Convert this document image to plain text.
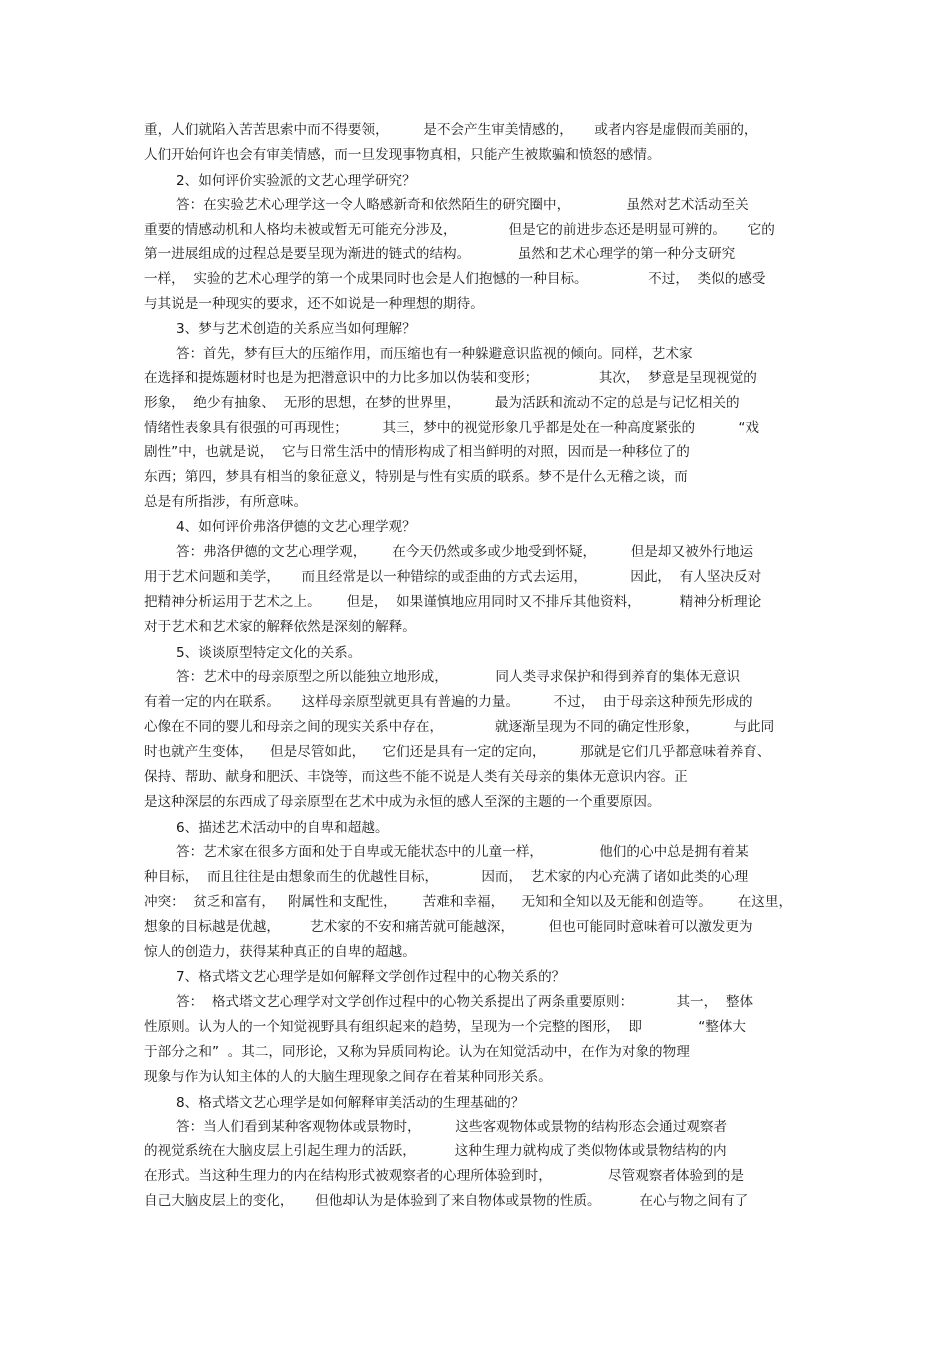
重，人们就陷入苦苦思索中而不得要领，        是不会产生审美情感的，     或者内容是虚假而美丽的，
人们开始何许也会有审美情感，而一旦发现事物真相，只能产生被欺骗和愤怒的感情。
2、如何评价实验派的文艺心理学研究？
答：在实验艺术心理学这一令人略感新奇和依然陌生的研究圈中，             虽然对艺术活动至关
重要的情感动机和人格均未被或暂无可能充分涉及，            但是它的前进步态还是明显可辨的。     它的
第一进展组成的过程总是要呈现为渐进的链式的结构。           虽然和艺术心理学的第一种分支研究
一样，  实验的艺术心理学的第一个成果同时也会是人们抱憾的一种目标。              不过，  类似的感受
与其说是一种现实的要求，还不如说是一种理想的期待。
3、梦与艺术创造的关系应当如何理解？
答：首先，梦有巨大的压缩作用，而压缩也有一种躲避意识监视的倾向。同样，艺术家
在选择和提炼题材时也是为把潜意识中的力比多加以伪装和变形；              其次，  梦意是呈现视觉的
形象，  绝少有抽象、  无形的思想，在梦的世界里，        最为活跃和流动不定的总是与记忆相关的
情绪性表象具有很强的可再现性；        其三，梦中的视觉形象几乎都是处在一种高度紧张的          “戏
剧性”中，也就是说，  它与日常生活中的情形构成了相当鲜明的对照，因而是一种移位了的
东西；第四，梦具有相当的象征意义，特别是与性有实质的联系。梦不是什么无稽之谈，而
总是有所指涉，有所意味。
4、如何评价弗洛伊德的文艺心理学观？
答：弗洛伊德的文艺心理学观，      在今天仍然或多或少地受到怀疑，        但是却又被外行地运
用于艺术问题和美学，     而且经常是以一种错综的或歪曲的方式去运用，          因此，  有人坚决反对
把精神分析运用于艺术之上。      但是，  如果谨慎地应用同时又不排斥其他资料，         精神分析理论
对于艺术和艺术家的解释依然是深刻的解释。
5、谈谈原型特定文化的关系。
答：艺术中的母亲原型之所以能独立地形成，           同人类寻求保护和得到养育的集体无意识
有着一定的内在联系。     这样母亲原型就更具有普遍的力量。        不过，  由于母亲这种预先形成的
心像在不同的婴儿和母亲之间的现实关系中存在，            就逐渐呈现为不同的确定性形象，        与此同
时也就产生变体，    但是尽管如此，    它们还是具有一定的定向，        那就是它们几乎都意味着养育、
保持、帮助、献身和肥沃、丰饶等，而这些不能不说是人类有关母亲的集体无意识内容。正
是这种深层的东西成了母亲原型在艺术中成为永恒的感人至深的主题的一个重要原因。
6、描述艺术活动中的自卑和超越。
答：艺术家在很多方面和处于自卑或无能状态中的儿童一样，             他们的心中总是拥有着某
种目标，  而且往往是由想象而生的优越性目标，          因而，  艺术家的内心充满了诸如此类的心理
冲突：  贫乏和富有，   附属性和支配性，      苦难和幸福，    无知和全知以及无能和创造等。      在这里，
想象的目标越是优越，       艺术家的不安和痛苦就可能越深，        但也可能同时意味着可以激发更为
惊人的创造力，获得某种真正的自卑的超越。
7、格式塔文艺心理学是如何解释文学创作过程中的心物关系的？
答：  格式塔文艺心理学对文学创作过程中的心物关系提出了两条重要原则：          其一，  整体
性原则。认为人的一个知觉视野具有组织起来的趋势，呈现为一个完整的图形，  即             “整体大
于部分之和”  。其二，同形论，又称为异质同构论。认为在知觉活动中，在作为对象的物理
现象与作为认知主体的人的大脑生理现象之间存在着某种同形关系。
8、格式塔文艺心理学是如何解释审美活动的生理基础的？
答：当人们看到某种客观物体或景物时，        这些客观物体或景物的结构形态会通过观察者
的视觉系统在大脑皮层上引起生理力的活跃，         这种生理力就构成了类似物体或景物结构的内
在形式。当这种生理力的内在结构形式被观察者的心理所体验到时，             尽管观察者体验到的是
自己大脑皮层上的变化，     但他却认为是体验到了来自物体或景物的性质。         在心与物之间有了
